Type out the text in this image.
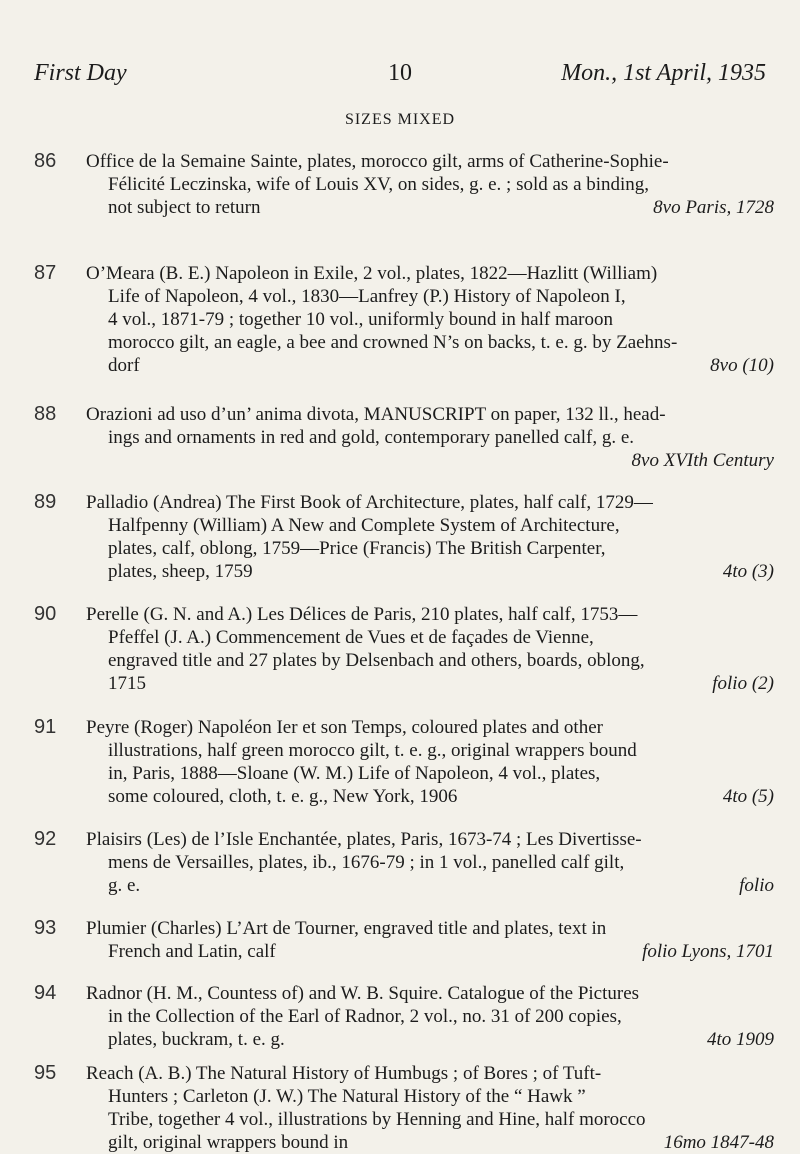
First Day	10	Mon., 1st April, 1935
SIZES MIXED
86 Office de la Semaine Sainte, plates, morocco gilt, arms of Catherine-Sophie-
Félicité Leczinska, wife of Louis XV, on sides, g. e. ; sold as a binding,
8vo Paris, 1728
not subject to return
87 O’Meara (B. E.) Napoleon in Exile, 2 vol., plates, 1822—Hazlitt (William)
Life of Napoleon, 4 vol., 1830—Lanfrey (P.) History of Napoleon I,
4 vol., 1871-79 ; together 10 vol., uniformly bound in half maroon
morocco gilt, an eagle, a bee and crowned N’s on backs, t. e. g. by Zaehns-
8vo (10)
dorf
88 Orazioni ad uso d’un’ anima divota, MANUSCRIPT on paper, 132 ll., head-
ings and ornaments in red and gold, contemporary panelled calf, g. e.
8vo XVIth Century
89 Palladio (Andrea) The First Book of Architecture, plates, half calf, 1729—
Halfpenny (William) A New and Complete System of Architecture,
plates, calf, oblong, 1759—Price (Francis) The British Carpenter,
4to (3)
plates, sheep, 1759
90 Perelle (G. N. and A.) Les Délices de Paris, 210 plates, half calf, 1753—
Pfeffel (J. A.) Commencement de Vues et de façades de Vienne,
engraved title and 27 plates by Delsenbach and others, boards, oblong,
folio (2)
1715
91 Peyre (Roger) Napoléon Ier et son Temps, coloured plates and other
illustrations, half green morocco gilt, t. e. g., original wrappers bound
in, Paris, 1888—Sloane (W. M.) Life of Napoleon, 4 vol., plates,
4to (5)
some coloured, cloth, t. e. g., New York, 1906
92 Plaisirs (Les) de l’Isle Enchantée, plates, Paris, 1673-74 ; Les Divertisse-
mens de Versailles, plates, ib., 1676-79 ; in 1 vol., panelled calf gilt,
folio
g. e.
93 Plumier (Charles) L’Art de Tourner, engraved title and plates, text in
folio Lyons, 1701
French and Latin, calf
94 Radnor (H. M., Countess of) and W. B. Squire. Catalogue of the Pictures
in the Collection of the Earl of Radnor, 2 vol., no. 31 of 200 copies,
4to 1909
plates, buckram, t. e. g.
95 Reach (A. B.) The Natural History of Humbugs ; of Bores ; of Tuft-
Hunters ; Carleton (J. W.) The Natural History of the “ Hawk ”
Tribe, together 4 vol., illustrations by Henning and Hine, half morocco
16mo 1847-48
gilt, original wrappers bound in
